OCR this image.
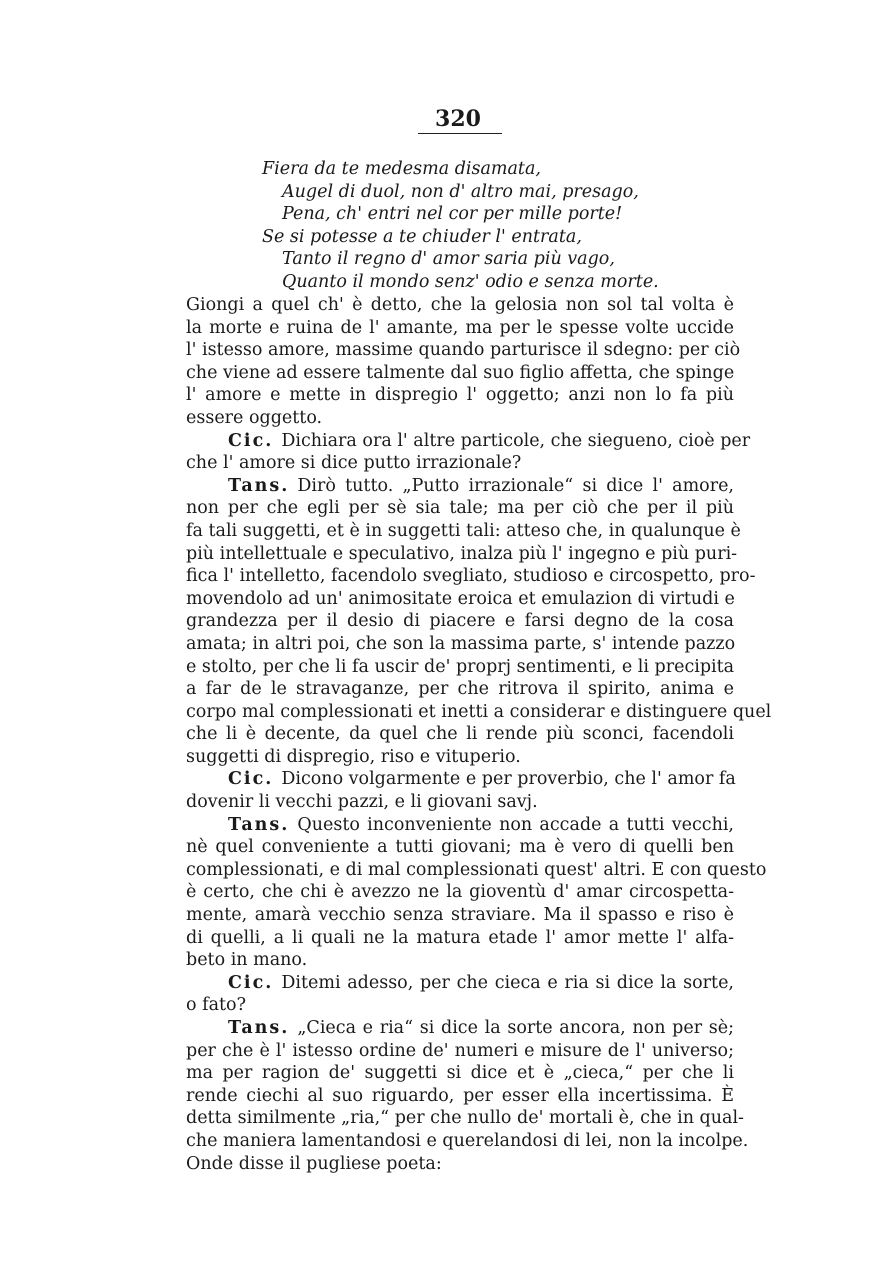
320
Fiera da te medesma disamata,
Augel di duol, non d' altro mai, presago,
Pena, ch' entri nel cor per mille porte!
Se si potesse a te chiuder l' entrata,
Tanto il regno d' amor saria più vago,
Quanto il mondo senz' odio e senza morte.
Giongi a quel ch' è detto, che la gelosia non sol tal volta è
la morte e ruina de l' amante, ma per le spesse volte uccide
l' istesso amore, massime quando parturisce il sdegno: per ciò
che viene ad essere talmente dal suo figlio affetta, che spinge
l' amore e mette in dispregio l' oggetto; anzi non lo fa più
essere oggetto.
Cic. Dichiara ora l' altre particole, che siegueno, cioè per
che l' amore si dice putto irrazionale?
Tans. Dirò tutto. „Putto irrazionale“ si dice l' amore,
non per che egli per sè sia tale; ma per ciò che per il più
fa tali suggetti, et è in suggetti tali: atteso che, in qualunque è
più intellettuale e speculativo, inalza più l' ingegno e più puri-
fica l' intelletto, facendolo svegliato, studioso e circospetto, pro-
movendolo ad un' animositate eroica et emulazion di virtudi e
grandezza per il desio di piacere e farsi degno de la cosa
amata; in altri poi, che son la massima parte, s' intende pazzo
e stolto, per che li fa uscir de' proprj sentimenti, e li precipita
a far de le stravaganze, per che ritrova il spirito, anima e
corpo mal complessionati et inetti a considerar e distinguere quel
che li è decente, da quel che li rende più sconci, facendoli
suggetti di dispregio, riso e vituperio.
Cic. Dicono volgarmente e per proverbio, che l' amor fa
dovenir li vecchi pazzi, e li giovani savj.
Tans. Questo inconveniente non accade a tutti vecchi,
nè quel conveniente a tutti giovani; ma è vero di quelli ben
complessionati, e di mal complessionati quest' altri. E con questo
è certo, che chi è avezzo ne la gioventù d' amar circospetta-
mente, amarà vecchio senza straviare. Ma il spasso e riso è
di quelli, a li quali ne la matura etade l' amor mette l' alfa-
beto in mano.
Cic. Ditemi adesso, per che cieca e ria si dice la sorte,
o fato?
Tans. „Cieca e ria“ si dice la sorte ancora, non per sè;
per che è l' istesso ordine de' numeri e misure de l' universo;
ma per ragion de' suggetti si dice et è „cieca,“ per che li
rende ciechi al suo riguardo, per esser ella incertissima. È
detta similmente „ria,“ per che nullo de' mortali è, che in qual-
che maniera lamentandosi e querelandosi di lei, non la incolpe.
Onde disse il pugliese poeta:
